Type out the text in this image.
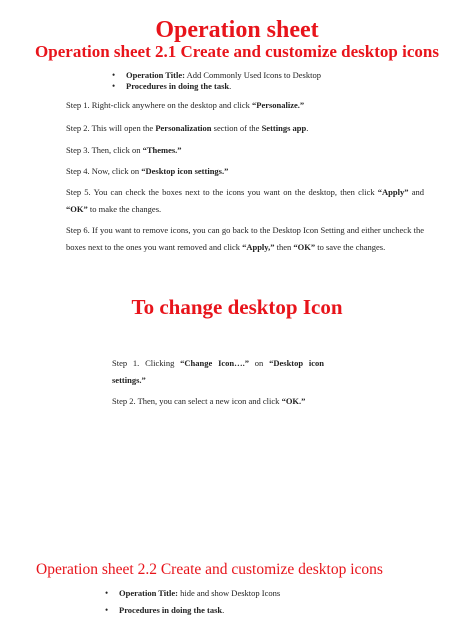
Operation sheet
Operation sheet 2.1 Create and customize desktop icons
• Operation Title: Add Commonly Used Icons to Desktop
• Procedures in doing the task.

Step 1. Right-click anywhere on the desktop and click “Personalize.”

Step 2. This will open the Personalization section of the Settings app.

Step 3. Then, click on “Themes.”

Step 4. Now, click on “Desktop icon settings.”

Step 5. You can check the boxes next to the icons you want on the desktop, then click “Apply” and “OK” to make the changes.

Step 6. If you want to remove icons, you can go back to the Desktop Icon Setting and either uncheck the boxes next to the ones you want removed and click “Apply,” then “OK” to save the changes.

To change desktop Icon

Step 1. Clicking “Change Icon….” on “Desktop icon settings.”

Step 2. Then, you can select a new icon and click “OK.”

Operation sheet 2.2 Create and customize desktop icons
• Operation Title: hide and show Desktop Icons
• Procedures in doing the task.
